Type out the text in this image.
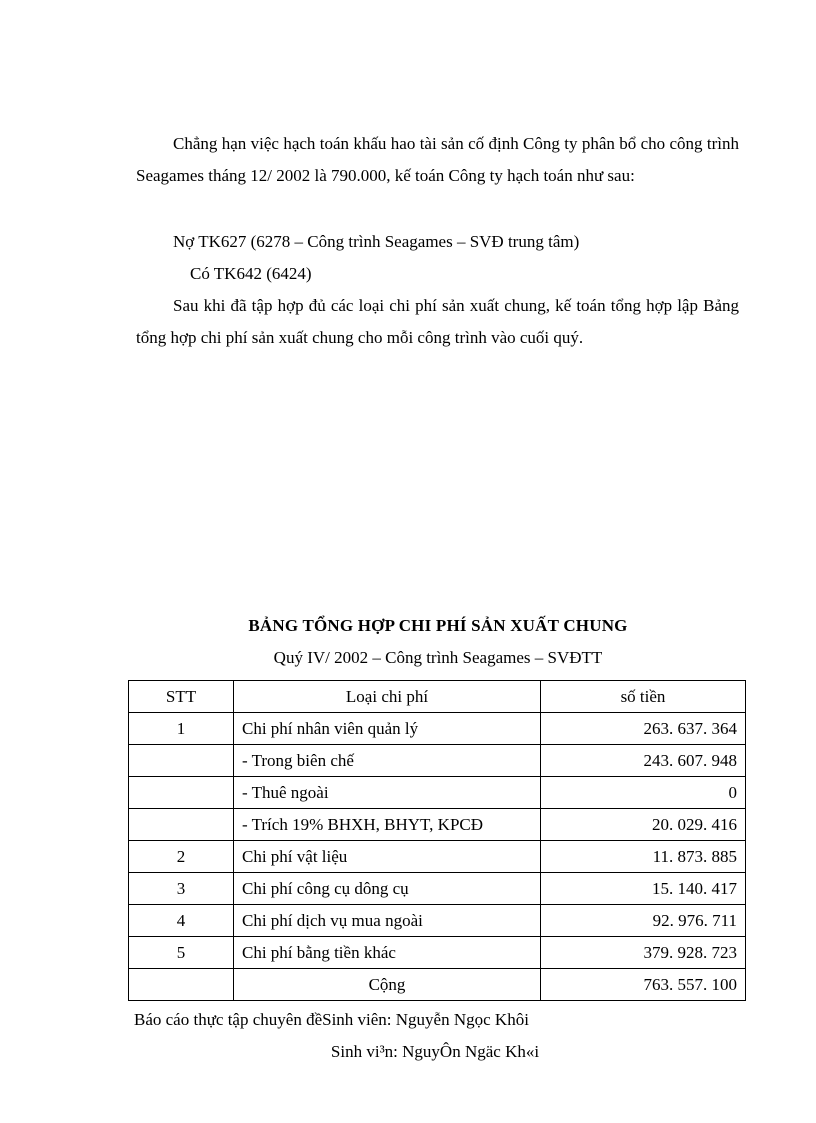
Chẳng hạn việc hạch toán khấu hao tài sản cố định Công ty phân bổ cho công trình Seagames tháng 12/ 2002 là 790.000, kế toán Công ty hạch toán như sau:

Nợ TK627 (6278 – Công trình Seagames – SVĐ trung tâm)

Có TK642 (6424)

Sau khi đã tập hợp đủ các loại chi phí sản xuất chung, kế toán tổng hợp lập Bảng tổng hợp chi phí sản xuất chung cho mỗi công trình vào cuối quý.

BẢNG TỔNG HỢP CHI PHÍ SẢN XUẤT CHUNG
Quý IV/ 2002 – Công trình Seagames – SVĐTT
STT	Loại chi phí	số tiền
1	Chi phí nhân viên quản lý	263. 637. 364
	- Trong biên chế	243. 607. 948
	- Thuê ngoài	0
	- Trích 19% BHXH, BHYT, KPCĐ	20. 029. 416
2	Chi phí vật liệu	11. 873. 885
3	Chi phí công cụ dông cụ	15. 140. 417
4	Chi phí dịch vụ mua ngoài	92. 976. 711
5	Chi phí bằng tiền khác	379. 928. 723
	Cộng	763. 557. 100
Báo cáo thực tập chuyên đềSinh viên: Nguyễn Ngọc Khôi
Sinh vi³n: NguyÔn Ngäc Kh«i
